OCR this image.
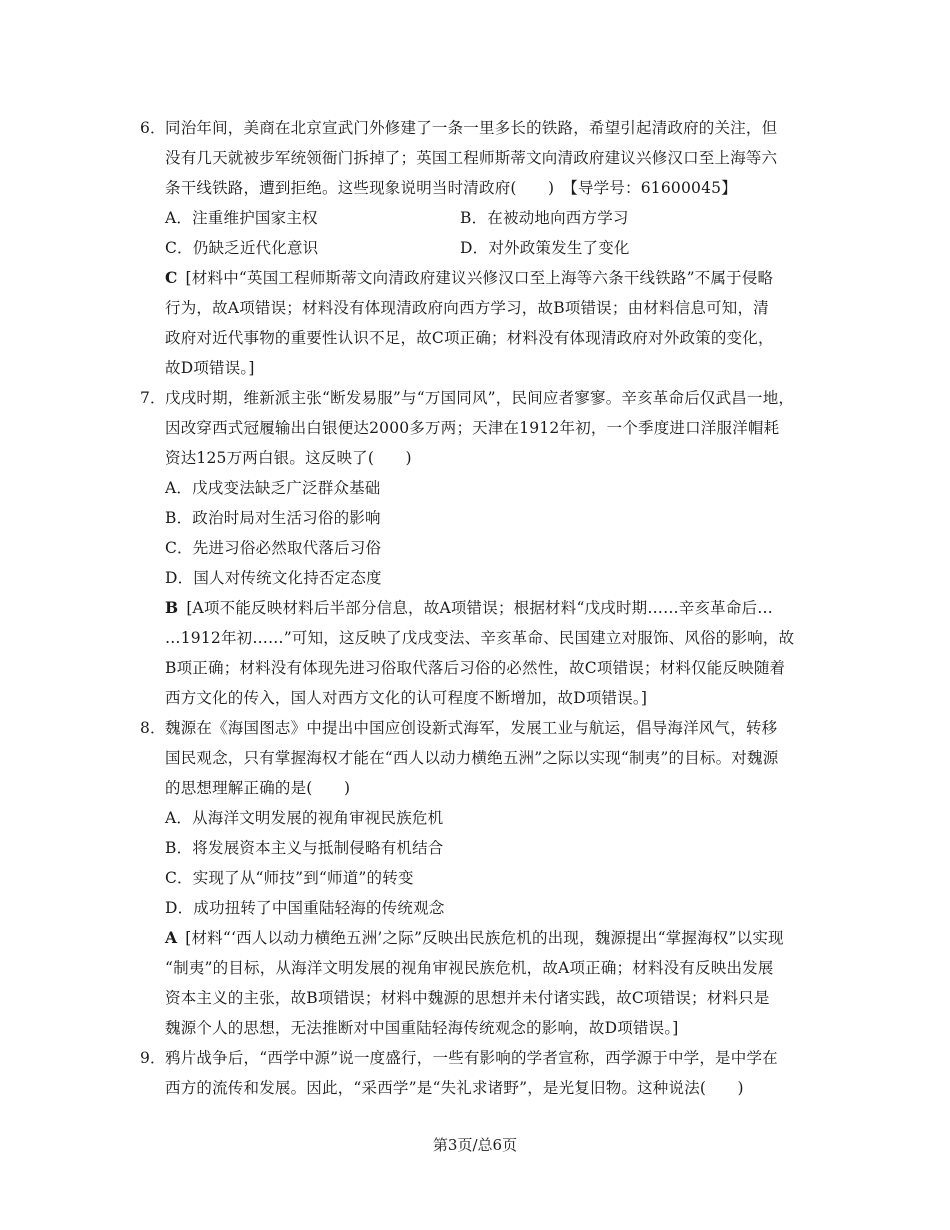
6． 同治年间，美商在北京宣武门外修建了一条一里多长的铁路，希望引起清政府的关注，但
没有几天就被步军统领衙门拆掉了；英国工程师斯蒂文向清政府建议兴修汉口至上海等六
条干线铁路，遭到拒绝。这些现象说明当时清政府(　　)　【导学号：61600045】
A．注重维护国家主权	B．在被动地向西方学习
C．仍缺乏近代化意识	D．对外政策发生了变化
C [材料中“英国工程师斯蒂文向清政府建议兴修汉口至上海等六条干线铁路”不属于侵略
行为，故A项错误；材料没有体现清政府向西方学习，故B项错误；由材料信息可知，清
政府对近代事物的重要性认识不足，故C项正确；材料没有体现清政府对外政策的变化，
故D项错误。]
7． 戊戌时期，维新派主张“断发易服”与“万国同风”，民间应者寥寥。辛亥革命后仅武昌一地，
因改穿西式冠履输出白银便达2000多万两；天津在1912年初，一个季度进口洋服洋帽耗
资达125万两白银。这反映了(　　)
A．戊戌变法缺乏广泛群众基础
B．政治时局对生活习俗的影响
C．先进习俗必然取代落后习俗
D．国人对传统文化持否定态度
B [A项不能反映材料后半部分信息，故A项错误；根据材料“戊戌时期……辛亥革命后…
…1912年初……”可知，这反映了戊戌变法、辛亥革命、民国建立对服饰、风俗的影响，故
B项正确；材料没有体现先进习俗取代落后习俗的必然性，故C项错误；材料仅能反映随着
西方文化的传入，国人对西方文化的认可程度不断增加，故D项错误。]
8． 魏源在《海国图志》中提出中国应创设新式海军，发展工业与航运，倡导海洋风气，转移
国民观念，只有掌握海权才能在“西人以动力横绝五洲”之际以实现“制夷”的目标。对魏源
的思想理解正确的是(　　)
A．从海洋文明发展的视角审视民族危机
B．将发展资本主义与抵制侵略有机结合
C．实现了从“师技”到“师道”的转变
D．成功扭转了中国重陆轻海的传统观念
A [材料“‘西人以动力横绝五洲’之际”反映出民族危机的出现，魏源提出“掌握海权”以实现
“制夷”的目标，从海洋文明发展的视角审视民族危机，故A项正确；材料没有反映出发展
资本主义的主张，故B项错误；材料中魏源的思想并未付诸实践，故C项错误；材料只是
魏源个人的思想，无法推断对中国重陆轻海传统观念的影响，故D项错误。]
9． 鸦片战争后，“西学中源”说一度盛行，一些有影响的学者宣称，西学源于中学，是中学在
西方的流传和发展。因此，“采西学”是“失礼求诸野”，是光复旧物。这种说法(　　)
第3页/总6页
